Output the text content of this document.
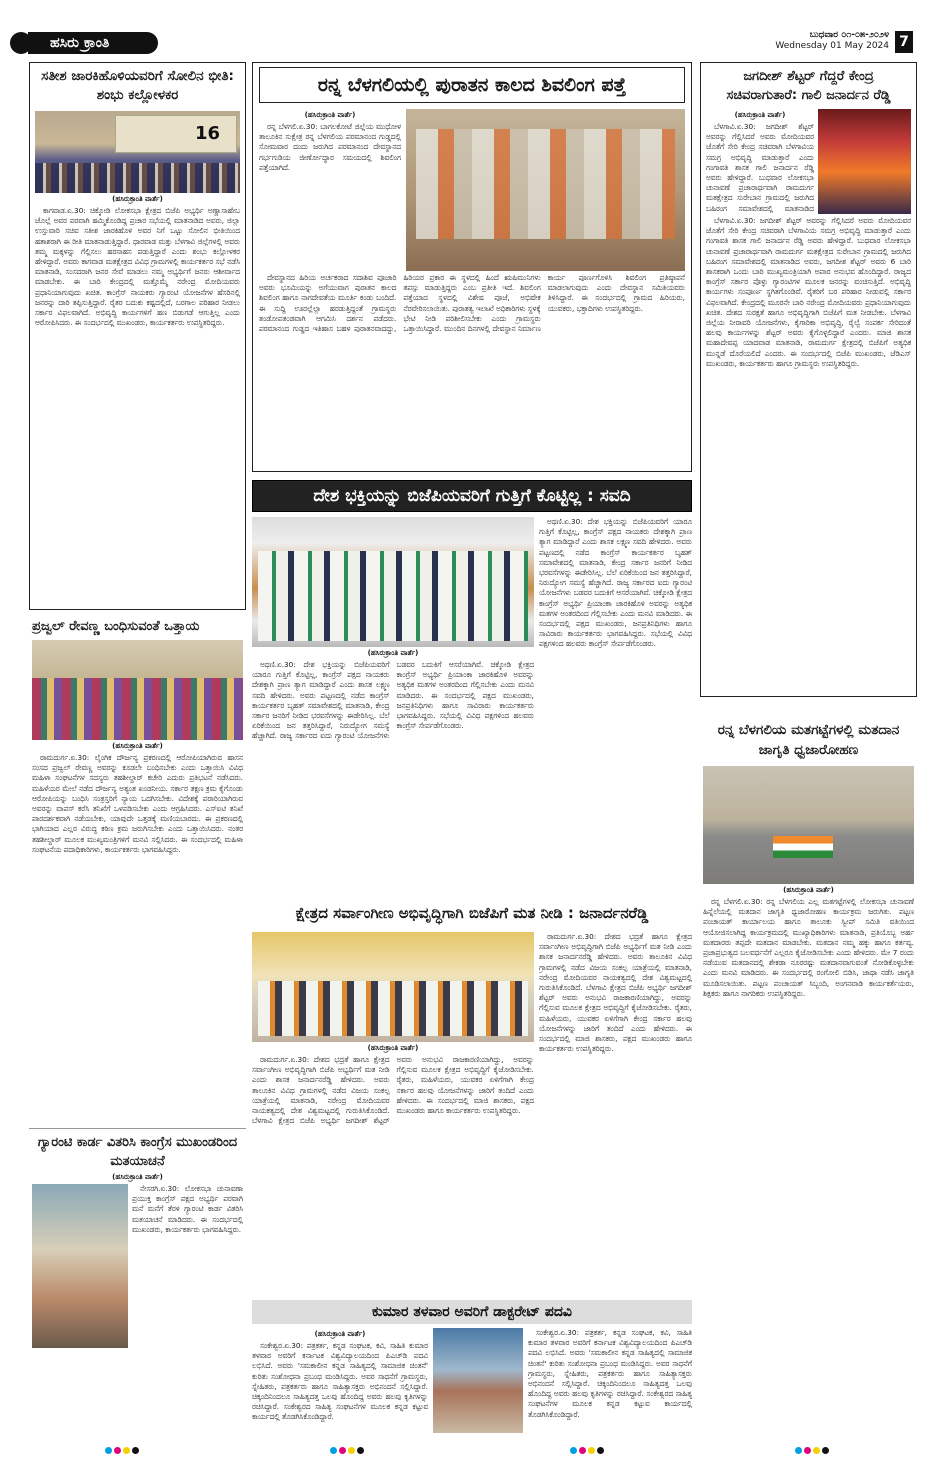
ಹಸಿರು ಕ್ರಾಂತಿ	ಬುಧವಾರ ೦೧-೦೫-೨೦೨೪
Wednesday 01 May 2024 7
ಸತೀಶ ಜಾರಕಿಹೊಳಿಯವರಿಗೆ ಸೋಲಿನ ಭೀತಿ: ಶಂಭು ಕಲ್ಲೋಳಕರ
16
(ಹಸಿರುಕ್ರಾಂತಿ ವಾರ್ತೆ)

ಕಾಗವಾಡ.ಏ.30: ಚಿಕ್ಕೋಡಿ ಲೋಕಸಭಾ ಕ್ಷೇತ್ರದ ಬಿಜೆಪಿ ಅಭ್ಯರ್ಥಿ ಅಣ್ಣಾಸಾಹೇಬ ಜೊಲ್ಲೆ ಅವರ ಪರವಾಗಿ ಹಮ್ಮಿಕೊಂಡಿದ್ದ ಪ್ರಚಾರ ಸಭೆಯಲ್ಲಿ ಮಾತನಾಡಿದ ಅವರು, ಜಿಲ್ಲಾ ಉಸ್ತುವಾರಿ ಸಚಿವ ಸತೀಶ ಜಾರಕಿಹೊಳಿ ಅವರ ನಿಗೆ ಒಟ್ಟು ಸೋಲಿನ ಭೀತಿಯಿಂದ ಹತಾಶರಾಗಿ ಈ ರೀತಿ ಮಾತನಾಡುತ್ತಿದ್ದಾರೆ. ಧಾರವಾಡ ಮತ್ತು ಬೆಳಗಾವಿ ಜಿಲ್ಲೆಗಳಲ್ಲಿ ಅವರು ತಮ್ಮ ಮಕ್ಕಳನ್ನು ಗೆಲ್ಲಿಸಲು ಹರಸಾಹಸ ಪಡುತ್ತಿದ್ದಾರೆ ಎಂದು ಶಂಭು ಕಲ್ಲೋಳಕರ ಹೇಳಿದ್ದಾರೆ. ಅವರು ಕಾಗವಾಡ ಮತಕ್ಷೇತ್ರದ ವಿವಿಧ ಗ್ರಾಮಗಳಲ್ಲಿ ಕಾರ್ಯಕರ್ತರ ಸಭೆ ನಡೆಸಿ ಮಾತನಾಡಿ, ಸಂಸದರಾಗಿ ಜನರ ಸೇವೆ ಮಾಡಲು ನಮ್ಮ ಅಭ್ಯರ್ಥಿಗೆ ಜನರು ಆಶೀರ್ವಾದ ಮಾಡಬೇಕು. ಈ ಬಾರಿ ಕೇಂದ್ರದಲ್ಲಿ ಮತ್ತೊಮ್ಮೆ ನರೇಂದ್ರ ಮೋದಿಯವರು ಪ್ರಧಾನಿಯಾಗುವುದು ಖಚಿತ. ಕಾಂಗ್ರೆಸ್ ನಾಯಕರು ಗ್ಯಾರಂಟಿ ಯೋಜನೆಗಳ ಹೆಸರಿನಲ್ಲಿ ಜನರನ್ನು ದಾರಿ ತಪ್ಪಿಸುತ್ತಿದ್ದಾರೆ. ರೈತರ ಬದುಕು ಕಷ್ಟದಲ್ಲಿದೆ, ಬರಗಾಲ ಪರಿಹಾರ ನೀಡಲು ಸರ್ಕಾರ ವಿಫಲವಾಗಿದೆ. ಅಭಿವೃದ್ಧಿ ಕಾರ್ಯಗಳಿಗೆ ಹಣ ಬಿಡುಗಡೆ ಆಗುತ್ತಿಲ್ಲ ಎಂದು ಆರೋಪಿಸಿದರು. ಈ ಸಂದರ್ಭದಲ್ಲಿ ಮುಖಂಡರು, ಕಾರ್ಯಕರ್ತರು ಉಪಸ್ಥಿತರಿದ್ದರು.

ಪ್ರಜ್ವಲ್ ರೇವಣ್ಣ ಬಂಧಿಸುವಂತೆ ಒತ್ತಾಯ
(ಹಸಿರುಕ್ರಾಂತಿ ವಾರ್ತೆ)

ರಾಮದುರ್ಗ.ಏ.30: ಲೈಂಗಿಕ ದೌರ್ಜನ್ಯ ಪ್ರಕರಣದಲ್ಲಿ ಆರೋಪಿಯಾಗಿರುವ ಹಾಸನ ಸಂಸದ ಪ್ರಜ್ವಲ್ ರೇವಣ್ಣ ಅವರನ್ನು ಕೂಡಲೇ ಬಂಧಿಸಬೇಕು ಎಂದು ಒತ್ತಾಯಿಸಿ ವಿವಿಧ ಮಹಿಳಾ ಸಂಘಟನೆಗಳ ಸದಸ್ಯರು ತಹಶೀಲ್ದಾರ್ ಕಚೇರಿ ಎದುರು ಪ್ರತಿಭಟನೆ ನಡೆಸಿದರು. ಮಹಿಳೆಯರ ಮೇಲೆ ನಡೆದ ದೌರ್ಜನ್ಯ ಅತ್ಯಂತ ಖಂಡನೀಯ. ಸರ್ಕಾರ ತಕ್ಷಣ ಕ್ರಮ ಕೈಗೊಂಡು ಆರೋಪಿಯನ್ನು ಬಂಧಿಸಿ ಸಂತ್ರಸ್ತರಿಗೆ ನ್ಯಾಯ ಒದಗಿಸಬೇಕು. ವಿದೇಶಕ್ಕೆ ಪರಾರಿಯಾಗಿರುವ ಅವರನ್ನು ವಾಪಸ್ ಕರೆಸಿ ತನಿಖೆಗೆ ಒಳಪಡಿಸಬೇಕು ಎಂದು ಆಗ್ರಹಿಸಿದರು. ಎಸ್ಐಟಿ ತನಿಖೆ ಪಾರದರ್ಶಕವಾಗಿ ನಡೆಯಬೇಕು, ಯಾವುದೇ ಒತ್ತಡಕ್ಕೆ ಮಣಿಯಬಾರದು. ಈ ಪ್ರಕರಣದಲ್ಲಿ ಭಾಗಿಯಾದ ಎಲ್ಲರ ವಿರುದ್ಧ ಕಠಿಣ ಕ್ರಮ ಜರುಗಿಸಬೇಕು ಎಂದು ಒತ್ತಾಯಿಸಿದರು. ನಂತರ ತಹಶೀಲ್ದಾರ್ ಮೂಲಕ ಮುಖ್ಯಮಂತ್ರಿಗಳಿಗೆ ಮನವಿ ಸಲ್ಲಿಸಿದರು. ಈ ಸಂದರ್ಭದಲ್ಲಿ ಮಹಿಳಾ ಸಂಘಟನೆಯ ಪದಾಧಿಕಾರಿಗಳು, ಕಾರ್ಯಕರ್ತರು ಭಾಗವಹಿಸಿದ್ದರು.

ಗ್ಯಾರಂಟಿ ಕಾರ್ಡ ವಿತರಿಸಿ ಕಾಂಗ್ರೆಸ ಮುಖಂಡರಿಂದ ಮತಯಾಚನೆ
(ಹಸಿರುಕ್ರಾಂತಿ ವಾರ್ತೆ)

ನೇಸರಗಿ.ಏ.30: ಲೋಕಸಭಾ ಚುನಾವಣಾ ಪ್ರಯುಕ್ತ ಕಾಂಗ್ರೆಸ್ ಪಕ್ಷದ ಅಭ್ಯರ್ಥಿ ಪರವಾಗಿ ಮನೆ ಮನೆಗೆ ತೆರಳಿ ಗ್ಯಾರಂಟಿ ಕಾರ್ಡ ವಿತರಿಸಿ ಮತಯಾಚನೆ ಮಾಡಿದರು. ಈ ಸಂದರ್ಭದಲ್ಲಿ ಮುಖಂಡರು, ಕಾರ್ಯಕರ್ತರು ಭಾಗವಹಿಸಿದ್ದರು.

ರನ್ನ ಬೆಳಗಲಿಯಲ್ಲಿ ಪುರಾತನ ಕಾಲದ ಶಿವಲಿಂಗ ಪತ್ತೆ
(ಹಸಿರುಕ್ರಾಂತಿ ವಾರ್ತೆ)

ರನ್ನ ಬೆಳಗಲಿ.ಏ.30: ಬಾಗಲಕೋಟೆ ಜಿಲ್ಲೆಯ ಮುಧೋಳ ತಾಲೂಕಿನ ಸುಕ್ಷೇತ್ರ ರನ್ನ ಬೆಳಗಲಿಯ ಪರಮಾನಂದ ಗುಡ್ಡದಲ್ಲಿ ಸೋಮವಾರ ದಂದು ಜರುಗಿದ ಪರಮಾನಂದ ದೇವಸ್ಥಾನದ ಗರ್ಭಗುಡಿಯ ಜೀರ್ಣೋದ್ಧಾರ ಸಮಯದಲ್ಲಿ ಶಿವಲಿಂಗ ಪತ್ತೆಯಾಗಿದೆ.

ದೇವಸ್ಥಾನದ ಹಿರಿಯ ಅರ್ಚಕರಾದ ಸದಾಶಿವ ಪೂಜಾರಿ ಅವರು ಭೂಮಿಯನ್ನು ಅಗೆಯುವಾಗ ಪುರಾತನ ಕಾಲದ ಶಿವಲಿಂಗ ಹಾಗೂ ನಾಗದೇವತೆಯ ಮೂರ್ತಿ ಕಂಡು ಬಂದಿದೆ. ಈ ಸುದ್ದಿ ಊರಲ್ಲೆಲ್ಲಾ ಹರಡುತ್ತಿದ್ದಂತೆ ಗ್ರಾಮಸ್ಥರು ತಂಡೋಪತಂಡವಾಗಿ ಆಗಮಿಸಿ ದರ್ಶನ ಪಡೆದರು. ಪರಮಾನಂದ ಗುಡ್ಡದ ಇತಿಹಾಸ ಬಹಳ ಪುರಾತನವಾದದ್ದು, ಹಿರಿಯರ ಪ್ರಕಾರ ಈ ಸ್ಥಳದಲ್ಲಿ ಹಿಂದೆ ಋಷಿಮುನಿಗಳು ತಪಸ್ಸು ಮಾಡುತ್ತಿದ್ದರು ಎಂಬ ಪ್ರತೀತಿ ಇದೆ. ಶಿವಲಿಂಗ ಪತ್ತೆಯಾದ ಸ್ಥಳದಲ್ಲಿ ವಿಶೇಷ ಪೂಜೆ, ಅಭಿಷೇಕ ನೆರವೇರಿಸಲಾಯಿತು. ಪುರಾತತ್ವ ಇಲಾಖೆ ಅಧಿಕಾರಿಗಳು ಸ್ಥಳಕ್ಕೆ ಭೇಟಿ ನೀಡಿ ಪರಿಶೀಲಿಸಬೇಕು ಎಂದು ಗ್ರಾಮಸ್ಥರು ಒತ್ತಾಯಿಸಿದ್ದಾರೆ. ಮುಂದಿನ ದಿನಗಳಲ್ಲಿ ದೇವಸ್ಥಾನ ನಿರ್ಮಾಣ ಕಾರ್ಯ ಪೂರ್ಣಗೊಳಿಸಿ ಶಿವಲಿಂಗ ಪ್ರತಿಷ್ಠಾಪನೆ ಮಾಡಲಾಗುವುದು ಎಂದು ದೇವಸ್ಥಾನ ಸಮಿತಿಯವರು ತಿಳಿಸಿದ್ದಾರೆ. ಈ ಸಂದರ್ಭದಲ್ಲಿ ಗ್ರಾಮದ ಹಿರಿಯರು, ಯುವಕರು, ಭಕ್ತಾದಿಗಳು ಉಪಸ್ಥಿತರಿದ್ದರು.

ದೇಶ ಭಕ್ತಿಯನ್ನು ಬಿಜೆಪಿಯವರಿಗೆ ಗುತ್ತಿಗೆ ಕೊಟ್ಟಿಲ್ಲ : ಸವದಿ
(ಹಸಿರುಕ್ರಾಂತಿ ವಾರ್ತೆ)

ಅಥಣಿ.ಏ.30: ದೇಶ ಭಕ್ತಿಯನ್ನು ಬಿಜೆಪಿಯವರಿಗೆ ಯಾರೂ ಗುತ್ತಿಗೆ ಕೊಟ್ಟಿಲ್ಲ, ಕಾಂಗ್ರೆಸ್ ಪಕ್ಷದ ನಾಯಕರು ದೇಶಕ್ಕಾಗಿ ಪ್ರಾಣ ತ್ಯಾಗ ಮಾಡಿದ್ದಾರೆ ಎಂದು ಶಾಸಕ ಲಕ್ಷ್ಮಣ ಸವದಿ ಹೇಳಿದರು. ಅವರು ಪಟ್ಟಣದಲ್ಲಿ ನಡೆದ ಕಾಂಗ್ರೆಸ್ ಕಾರ್ಯಕರ್ತರ ಬೃಹತ್ ಸಮಾವೇಶದಲ್ಲಿ ಮಾತನಾಡಿ, ಕೇಂದ್ರ ಸರ್ಕಾರ ಜನರಿಗೆ ನೀಡಿದ ಭರವಸೆಗಳನ್ನು ಈಡೇರಿಸಿಲ್ಲ. ಬೆಲೆ ಏರಿಕೆಯಿಂದ ಜನ ತತ್ತರಿಸಿದ್ದಾರೆ, ನಿರುದ್ಯೋಗ ಸಮಸ್ಯೆ ಹೆಚ್ಚಾಗಿದೆ. ರಾಜ್ಯ ಸರ್ಕಾರದ ಐದು ಗ್ಯಾರಂಟಿ ಯೋಜನೆಗಳು ಬಡವರ ಬದುಕಿಗೆ ಆಸರೆಯಾಗಿವೆ. ಚಿಕ್ಕೋಡಿ ಕ್ಷೇತ್ರದ ಕಾಂಗ್ರೆಸ್ ಅಭ್ಯರ್ಥಿ ಪ್ರಿಯಾಂಕಾ ಜಾರಕಿಹೊಳಿ ಅವರನ್ನು ಅತ್ಯಧಿಕ ಮತಗಳ ಅಂತರದಿಂದ ಗೆಲ್ಲಿಸಬೇಕು ಎಂದು ಮನವಿ ಮಾಡಿದರು. ಈ ಸಂದರ್ಭದಲ್ಲಿ ಪಕ್ಷದ ಮುಖಂಡರು, ಜನಪ್ರತಿನಿಧಿಗಳು ಹಾಗೂ ಸಾವಿರಾರು ಕಾರ್ಯಕರ್ತರು ಭಾಗವಹಿಸಿದ್ದರು. ಸಭೆಯಲ್ಲಿ ವಿವಿಧ ಪಕ್ಷಗಳಿಂದ ಹಲವರು ಕಾಂಗ್ರೆಸ್ ಸೇರ್ಪಡೆಗೊಂಡರು.

ಅಥಣಿ.ಏ.30: ದೇಶ ಭಕ್ತಿಯನ್ನು ಬಿಜೆಪಿಯವರಿಗೆ ಯಾರೂ ಗುತ್ತಿಗೆ ಕೊಟ್ಟಿಲ್ಲ, ಕಾಂಗ್ರೆಸ್ ಪಕ್ಷದ ನಾಯಕರು ದೇಶಕ್ಕಾಗಿ ಪ್ರಾಣ ತ್ಯಾಗ ಮಾಡಿದ್ದಾರೆ ಎಂದು ಶಾಸಕ ಲಕ್ಷ್ಮಣ ಸವದಿ ಹೇಳಿದರು. ಅವರು ಪಟ್ಟಣದಲ್ಲಿ ನಡೆದ ಕಾಂಗ್ರೆಸ್ ಕಾರ್ಯಕರ್ತರ ಬೃಹತ್ ಸಮಾವೇಶದಲ್ಲಿ ಮಾತನಾಡಿ, ಕೇಂದ್ರ ಸರ್ಕಾರ ಜನರಿಗೆ ನೀಡಿದ ಭರವಸೆಗಳನ್ನು ಈಡೇರಿಸಿಲ್ಲ. ಬೆಲೆ ಏರಿಕೆಯಿಂದ ಜನ ತತ್ತರಿಸಿದ್ದಾರೆ, ನಿರುದ್ಯೋಗ ಸಮಸ್ಯೆ ಹೆಚ್ಚಾಗಿದೆ. ರಾಜ್ಯ ಸರ್ಕಾರದ ಐದು ಗ್ಯಾರಂಟಿ ಯೋಜನೆಗಳು ಬಡವರ ಬದುಕಿಗೆ ಆಸರೆಯಾಗಿವೆ. ಚಿಕ್ಕೋಡಿ ಕ್ಷೇತ್ರದ ಕಾಂಗ್ರೆಸ್ ಅಭ್ಯರ್ಥಿ ಪ್ರಿಯಾಂಕಾ ಜಾರಕಿಹೊಳಿ ಅವರನ್ನು ಅತ್ಯಧಿಕ ಮತಗಳ ಅಂತರದಿಂದ ಗೆಲ್ಲಿಸಬೇಕು ಎಂದು ಮನವಿ ಮಾಡಿದರು. ಈ ಸಂದರ್ಭದಲ್ಲಿ ಪಕ್ಷದ ಮುಖಂಡರು, ಜನಪ್ರತಿನಿಧಿಗಳು ಹಾಗೂ ಸಾವಿರಾರು ಕಾರ್ಯಕರ್ತರು ಭಾಗವಹಿಸಿದ್ದರು. ಸಭೆಯಲ್ಲಿ ವಿವಿಧ ಪಕ್ಷಗಳಿಂದ ಹಲವರು ಕಾಂಗ್ರೆಸ್ ಸೇರ್ಪಡೆಗೊಂಡರು.

ಕ್ಷೇತ್ರದ ಸರ್ವಾಂಗೀಣ ಅಭಿವೃದ್ಧಿಗಾಗಿ ಬಿಜೆಪಿಗೆ ಮತ ನೀಡಿ : ಜನಾರ್ದನರೆಡ್ಡಿ
(ಹಸಿರುಕ್ರಾಂತಿ ವಾರ್ತೆ)

ರಾಮದುರ್ಗ.ಏ.30: ದೇಶದ ಭದ್ರತೆ ಹಾಗೂ ಕ್ಷೇತ್ರದ ಸರ್ವಾಂಗೀಣ ಅಭಿವೃದ್ಧಿಗಾಗಿ ಬಿಜೆಪಿ ಅಭ್ಯರ್ಥಿಗೆ ಮತ ನೀಡಿ ಎಂದು ಶಾಸಕ ಜನಾರ್ದನರೆಡ್ಡಿ ಹೇಳಿದರು. ಅವರು ತಾಲೂಕಿನ ವಿವಿಧ ಗ್ರಾಮಗಳಲ್ಲಿ ನಡೆದ ವಿಜಯ ಸಂಕಲ್ಪ ಯಾತ್ರೆಯಲ್ಲಿ ಮಾತನಾಡಿ, ನರೇಂದ್ರ ಮೋದಿಯವರ ನಾಯಕತ್ವದಲ್ಲಿ ದೇಶ ವಿಶ್ವಮಟ್ಟದಲ್ಲಿ ಗುರುತಿಸಿಕೊಂಡಿದೆ. ಬೆಳಗಾವಿ ಕ್ಷೇತ್ರದ ಬಿಜೆಪಿ ಅಭ್ಯರ್ಥಿ ಜಗದೀಶ್ ಶೆಟ್ಟರ್ ಅವರು ಅನುಭವಿ ರಾಜಕಾರಣಿಯಾಗಿದ್ದು, ಅವರನ್ನು ಗೆಲ್ಲಿಸುವ ಮೂಲಕ ಕ್ಷೇತ್ರದ ಅಭಿವೃದ್ಧಿಗೆ ಕೈಜೋಡಿಸಬೇಕು. ರೈತರು, ಮಹಿಳೆಯರು, ಯುವಕರ ಏಳಿಗೆಗಾಗಿ ಕೇಂದ್ರ ಸರ್ಕಾರ ಹಲವು ಯೋಜನೆಗಳನ್ನು ಜಾರಿಗೆ ತಂದಿದೆ ಎಂದು ಹೇಳಿದರು. ಈ ಸಂದರ್ಭದಲ್ಲಿ ಮಾಜಿ ಶಾಸಕರು, ಪಕ್ಷದ ಮುಖಂಡರು ಹಾಗೂ ಕಾರ್ಯಕರ್ತರು ಉಪಸ್ಥಿತರಿದ್ದರು.

ರಾಮದುರ್ಗ.ಏ.30: ದೇಶದ ಭದ್ರತೆ ಹಾಗೂ ಕ್ಷೇತ್ರದ ಸರ್ವಾಂಗೀಣ ಅಭಿವೃದ್ಧಿಗಾಗಿ ಬಿಜೆಪಿ ಅಭ್ಯರ್ಥಿಗೆ ಮತ ನೀಡಿ ಎಂದು ಶಾಸಕ ಜನಾರ್ದನರೆಡ್ಡಿ ಹೇಳಿದರು. ಅವರು ತಾಲೂಕಿನ ವಿವಿಧ ಗ್ರಾಮಗಳಲ್ಲಿ ನಡೆದ ವಿಜಯ ಸಂಕಲ್ಪ ಯಾತ್ರೆಯಲ್ಲಿ ಮಾತನಾಡಿ, ನರೇಂದ್ರ ಮೋದಿಯವರ ನಾಯಕತ್ವದಲ್ಲಿ ದೇಶ ವಿಶ್ವಮಟ್ಟದಲ್ಲಿ ಗುರುತಿಸಿಕೊಂಡಿದೆ. ಬೆಳಗಾವಿ ಕ್ಷೇತ್ರದ ಬಿಜೆಪಿ ಅಭ್ಯರ್ಥಿ ಜಗದೀಶ್ ಶೆಟ್ಟರ್ ಅವರು ಅನುಭವಿ ರಾಜಕಾರಣಿಯಾಗಿದ್ದು, ಅವರನ್ನು ಗೆಲ್ಲಿಸುವ ಮೂಲಕ ಕ್ಷೇತ್ರದ ಅಭಿವೃದ್ಧಿಗೆ ಕೈಜೋಡಿಸಬೇಕು. ರೈತರು, ಮಹಿಳೆಯರು, ಯುವಕರ ಏಳಿಗೆಗಾಗಿ ಕೇಂದ್ರ ಸರ್ಕಾರ ಹಲವು ಯೋಜನೆಗಳನ್ನು ಜಾರಿಗೆ ತಂದಿದೆ ಎಂದು ಹೇಳಿದರು. ಈ ಸಂದರ್ಭದಲ್ಲಿ ಮಾಜಿ ಶಾಸಕರು, ಪಕ್ಷದ ಮುಖಂಡರು ಹಾಗೂ ಕಾರ್ಯಕರ್ತರು ಉಪಸ್ಥಿತರಿದ್ದರು.

ಕುಮಾರ ತಳವಾರ ಅವರಿಗೆ ಡಾಕ್ಟರೇಟ್ ಪದವಿ
(ಹಸಿರುಕ್ರಾಂತಿ ವಾರ್ತೆ)

ಸಂಕೇಶ್ವರ.ಏ.30: ಪತ್ರಕರ್ತ, ಕನ್ನಡ ಸಂಘಟಕ, ಕವಿ, ಸಾಹಿತಿ ಕುಮಾರ ತಳವಾರ ಅವರಿಗೆ ಕರ್ನಾಟಕ ವಿಶ್ವವಿದ್ಯಾಲಯದಿಂದ ಪಿಎಚ್‌ಡಿ ಪದವಿ ಲಭಿಸಿದೆ. ಅವರು 'ಸಮಕಾಲೀನ ಕನ್ನಡ ಸಾಹಿತ್ಯದಲ್ಲಿ ಸಾಮಾಜಿಕ ಚಿಂತನೆ' ಕುರಿತು ಸಂಶೋಧನಾ ಪ್ರಬಂಧ ಮಂಡಿಸಿದ್ದರು. ಅವರ ಸಾಧನೆಗೆ ಗ್ರಾಮಸ್ಥರು, ಸ್ನೇಹಿತರು, ಪತ್ರಕರ್ತರು ಹಾಗೂ ಸಾಹಿತ್ಯಾಸಕ್ತರು ಅಭಿನಂದನೆ ಸಲ್ಲಿಸಿದ್ದಾರೆ. ಚಿಕ್ಕಂದಿನಿಂದಲೂ ಸಾಹಿತ್ಯದತ್ತ ಒಲವು ಹೊಂದಿದ್ದ ಅವರು ಹಲವು ಕೃತಿಗಳನ್ನು ರಚಿಸಿದ್ದಾರೆ. ಸಂಕೇಶ್ವರದ ಸಾಹಿತ್ಯ ಸಂಘಟನೆಗಳ ಮೂಲಕ ಕನ್ನಡ ಕಟ್ಟುವ ಕಾರ್ಯದಲ್ಲಿ ತೊಡಗಿಸಿಕೊಂಡಿದ್ದಾರೆ.

ಸಂಕೇಶ್ವರ.ಏ.30: ಪತ್ರಕರ್ತ, ಕನ್ನಡ ಸಂಘಟಕ, ಕವಿ, ಸಾಹಿತಿ ಕುಮಾರ ತಳವಾರ ಅವರಿಗೆ ಕರ್ನಾಟಕ ವಿಶ್ವವಿದ್ಯಾಲಯದಿಂದ ಪಿಎಚ್‌ಡಿ ಪದವಿ ಲಭಿಸಿದೆ. ಅವರು 'ಸಮಕಾಲೀನ ಕನ್ನಡ ಸಾಹಿತ್ಯದಲ್ಲಿ ಸಾಮಾಜಿಕ ಚಿಂತನೆ' ಕುರಿತು ಸಂಶೋಧನಾ ಪ್ರಬಂಧ ಮಂಡಿಸಿದ್ದರು. ಅವರ ಸಾಧನೆಗೆ ಗ್ರಾಮಸ್ಥರು, ಸ್ನೇಹಿತರು, ಪತ್ರಕರ್ತರು ಹಾಗೂ ಸಾಹಿತ್ಯಾಸಕ್ತರು ಅಭಿನಂದನೆ ಸಲ್ಲಿಸಿದ್ದಾರೆ. ಚಿಕ್ಕಂದಿನಿಂದಲೂ ಸಾಹಿತ್ಯದತ್ತ ಒಲವು ಹೊಂದಿದ್ದ ಅವರು ಹಲವು ಕೃತಿಗಳನ್ನು ರಚಿಸಿದ್ದಾರೆ. ಸಂಕೇಶ್ವರದ ಸಾಹಿತ್ಯ ಸಂಘಟನೆಗಳ ಮೂಲಕ ಕನ್ನಡ ಕಟ್ಟುವ ಕಾರ್ಯದಲ್ಲಿ ತೊಡಗಿಸಿಕೊಂಡಿದ್ದಾರೆ.

ಜಗದೀಶ್ ಶೆಟ್ಟರ್ ಗೆದ್ದರೆ ಕೇಂದ್ರ ಸಚಿವರಾಗುತಾರೆ: ಗಾಲಿ ಜನಾರ್ದನ ರೆಡ್ಡಿ
(ಹಸಿರುಕ್ರಾಂತಿ ವಾರ್ತೆ)

ಬೆಳಗಾವಿ.ಏ.30: ಜಗದೀಶ್ ಶೆಟ್ಟರ್ ಅವರನ್ನು ಗೆಲ್ಲಿಸಿದರೆ ಅವರು ಮೋದಿಯವರ ಜೊತೆಗೆ ಸೇರಿ ಕೇಂದ್ರ ಸಚಿವರಾಗಿ ಬೆಳಗಾವಿಯ ಸಮಗ್ರ ಅಭಿವೃದ್ಧಿ ಮಾಡುತ್ತಾರೆ ಎಂದು ಗಂಗಾವತಿ ಶಾಸಕ ಗಾಲಿ ಜನಾರ್ದನ ರೆಡ್ಡಿ ಅವರು ಹೇಳಿದ್ದಾರೆ. ಬುಧವಾರ ಲೋಕಸಭಾ ಚುನಾವಣೆ ಪ್ರಚಾರಾರ್ಥವಾಗಿ ರಾಮದುರ್ಗ ಮತಕ್ಷೇತ್ರದ ಸುರೇಬಾನ ಗ್ರಾಮದಲ್ಲಿ ಜರುಗಿದ ಬಹಿರಂಗ ಸಮಾವೇಶದಲ್ಲಿ ಮಾತನಾಡಿದ

ಬೆಳಗಾವಿ.ಏ.30: ಜಗದೀಶ್ ಶೆಟ್ಟರ್ ಅವರನ್ನು ಗೆಲ್ಲಿಸಿದರೆ ಅವರು ಮೋದಿಯವರ ಜೊತೆಗೆ ಸೇರಿ ಕೇಂದ್ರ ಸಚಿವರಾಗಿ ಬೆಳಗಾವಿಯ ಸಮಗ್ರ ಅಭಿವೃದ್ಧಿ ಮಾಡುತ್ತಾರೆ ಎಂದು ಗಂಗಾವತಿ ಶಾಸಕ ಗಾಲಿ ಜನಾರ್ದನ ರೆಡ್ಡಿ ಅವರು ಹೇಳಿದ್ದಾರೆ. ಬುಧವಾರ ಲೋಕಸಭಾ ಚುನಾವಣೆ ಪ್ರಚಾರಾರ್ಥವಾಗಿ ರಾಮದುರ್ಗ ಮತಕ್ಷೇತ್ರದ ಸುರೇಬಾನ ಗ್ರಾಮದಲ್ಲಿ ಜರುಗಿದ ಬಹಿರಂಗ ಸಮಾವೇಶದಲ್ಲಿ ಮಾತನಾಡಿದ ಅವರು, ಜಗದೀಶ ಶೆಟ್ಟರ್ ಅವರು 6 ಬಾರಿ ಶಾಸಕರಾಗಿ ಒಂದು ಬಾರಿ ಮುಖ್ಯಮಂತ್ರಿಯಾಗಿ ಅಪಾರ ಅನುಭವ ಹೊಂದಿದ್ದಾರೆ. ರಾಜ್ಯದ ಕಾಂಗ್ರೆಸ್ ಸರ್ಕಾರ ಪೊಳ್ಳು ಗ್ಯಾರಂಟಿಗಳ ಮೂಲಕ ಜನರನ್ನು ವಂಚಿಸುತ್ತಿದೆ. ಅಭಿವೃದ್ಧಿ ಕಾರ್ಯಗಳು ಸಂಪೂರ್ಣ ಸ್ಥಗಿತಗೊಂಡಿವೆ. ರೈತರಿಗೆ ಬರ ಪರಿಹಾರ ನೀಡುವಲ್ಲಿ ಸರ್ಕಾರ ವಿಫಲವಾಗಿದೆ. ಕೇಂದ್ರದಲ್ಲಿ ಮೂರನೇ ಬಾರಿ ನರೇಂದ್ರ ಮೋದಿಯವರು ಪ್ರಧಾನಿಯಾಗುವುದು ಖಚಿತ. ದೇಶದ ಸುರಕ್ಷತೆ ಹಾಗೂ ಅಭಿವೃದ್ಧಿಗಾಗಿ ಬಿಜೆಪಿಗೆ ಮತ ನೀಡಬೇಕು. ಬೆಳಗಾವಿ ಜಿಲ್ಲೆಯ ನೀರಾವರಿ ಯೋಜನೆಗಳು, ಕೈಗಾರಿಕಾ ಅಭಿವೃದ್ಧಿ, ರೈಲ್ವೆ ಸಂಪರ್ಕ ಸೇರಿದಂತೆ ಹಲವು ಕಾರ್ಯಗಳನ್ನು ಶೆಟ್ಟರ್ ಅವರು ಕೈಗೊಳ್ಳಲಿದ್ದಾರೆ ಎಂದರು. ಮಾಜಿ ಶಾಸಕ ಮಹಾದೇವಪ್ಪ ಯಾದವಾಡ ಮಾತನಾಡಿ, ರಾಮದುರ್ಗ ಕ್ಷೇತ್ರದಲ್ಲಿ ಬಿಜೆಪಿಗೆ ಅತ್ಯಧಿಕ ಮುನ್ನಡೆ ದೊರೆಯಲಿದೆ ಎಂದರು. ಈ ಸಂದರ್ಭದಲ್ಲಿ ಬಿಜೆಪಿ ಮುಖಂಡರು, ಜೆಡಿಎಸ್ ಮುಖಂಡರು, ಕಾರ್ಯಕರ್ತರು ಹಾಗೂ ಗ್ರಾಮಸ್ಥರು ಉಪಸ್ಥಿತರಿದ್ದರು.

ರನ್ನ ಬೆಳಗಲಿಯ ಮತಗಟ್ಟೆಗಳಲ್ಲಿ ಮತದಾನ ಜಾಗೃತಿ ಧ್ವಜಾರೋಹಣ
(ಹಸಿರುಕ್ರಾಂತಿ ವಾರ್ತೆ)

ರನ್ನ ಬೆಳಗಲಿ.ಏ.30: ರನ್ನ ಬೆಳಗಲಿಯ ಎಲ್ಲ ಮತಗಟ್ಟೆಗಳಲ್ಲಿ ಲೋಕಸಭಾ ಚುನಾವಣೆ ಹಿನ್ನೆಲೆಯಲ್ಲಿ ಮತದಾನ ಜಾಗೃತಿ ಧ್ವಜಾರೋಹಣ ಕಾರ್ಯಕ್ರಮ ಜರುಗಿತು. ಪಟ್ಟಣ ಪಂಚಾಯತ್ ಕಾರ್ಯಾಲಯ ಹಾಗೂ ತಾಲೂಕು ಸ್ವೀಪ್ ಸಮಿತಿ ವತಿಯಿಂದ ಆಯೋಜಿಸಲಾಗಿದ್ದ ಕಾರ್ಯಕ್ರಮದಲ್ಲಿ ಮುಖ್ಯಾಧಿಕಾರಿಗಳು ಮಾತನಾಡಿ, ಪ್ರತಿಯೊಬ್ಬ ಅರ್ಹ ಮತದಾರರು ತಪ್ಪದೇ ಮತದಾನ ಮಾಡಬೇಕು. ಮತದಾನ ನಮ್ಮ ಹಕ್ಕು ಹಾಗೂ ಕರ್ತವ್ಯ. ಪ್ರಜಾಪ್ರಭುತ್ವದ ಬಲವರ್ಧನೆಗೆ ಎಲ್ಲರೂ ಕೈಜೋಡಿಸಬೇಕು ಎಂದು ಹೇಳಿದರು. ಮೇ 7 ರಂದು ನಡೆಯುವ ಮತದಾನದಲ್ಲಿ ಶೇಕಡಾ ನೂರರಷ್ಟು ಮತದಾನವಾಗುವಂತೆ ನೋಡಿಕೊಳ್ಳಬೇಕು ಎಂದು ಮನವಿ ಮಾಡಿದರು. ಈ ಸಂದರ್ಭದಲ್ಲಿ ರಂಗೋಲಿ ಬಿಡಿಸಿ, ಜಾಥಾ ನಡೆಸಿ ಜಾಗೃತಿ ಮೂಡಿಸಲಾಯಿತು. ಪಟ್ಟಣ ಪಂಚಾಯತ್ ಸಿಬ್ಬಂದಿ, ಅಂಗನವಾಡಿ ಕಾರ್ಯಕರ್ತೆಯರು, ಶಿಕ್ಷಕರು ಹಾಗೂ ನಾಗರಿಕರು ಉಪಸ್ಥಿತರಿದ್ದರು.
